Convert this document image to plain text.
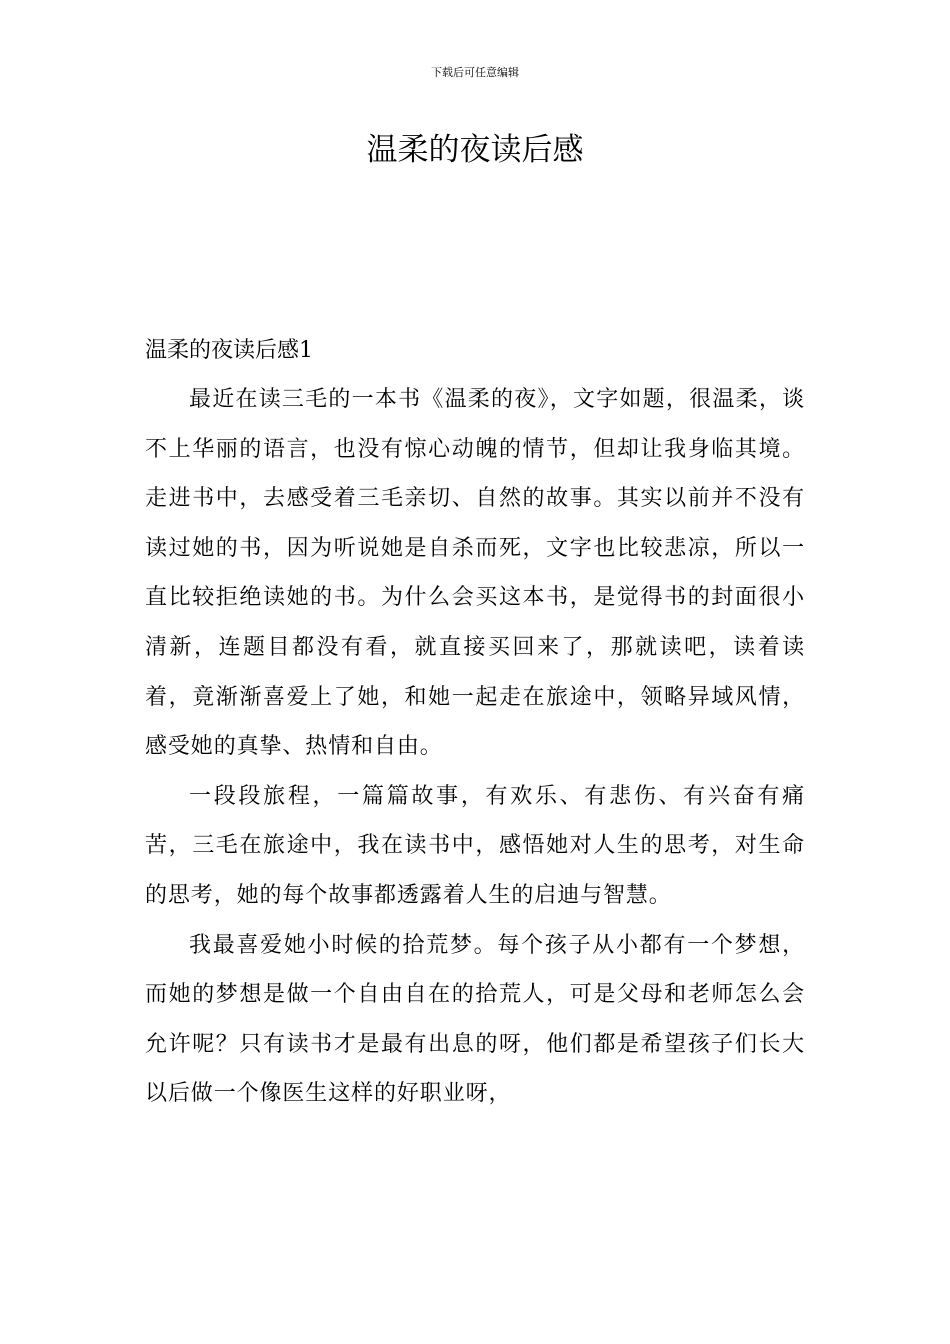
下载后可任意编辑
温柔的夜读后感

温柔的夜读后感1

最近在读三毛的一本书《温柔的夜》，文字如题，很温柔，谈不上华丽的语言，也没有惊心动魄的情节，但却让我身临其境。走进书中，去感受着三毛亲切、自然的故事。其实以前并不没有读过她的书，因为听说她是自杀而死，文字也比较悲凉，所以一直比较拒绝读她的书。为什么会买这本书，是觉得书的封面很小清新，连题目都没有看，就直接买回来了，那就读吧，读着读着，竟渐渐喜爱上了她，和她一起走在旅途中，领略异域风情，感受她的真挚、热情和自由。

一段段旅程，一篇篇故事，有欢乐、有悲伤、有兴奋有痛苦，三毛在旅途中，我在读书中，感悟她对人生的思考，对生命的思考，她的每个故事都透露着人生的启迪与智慧。

我最喜爱她小时候的拾荒梦。每个孩子从小都有一个梦想，而她的梦想是做一个自由自在的拾荒人，可是父母和老师怎么会允许呢？只有读书才是最有出息的呀，他们都是希望孩子们长大以后做一个像医生这样的好职业呀，
